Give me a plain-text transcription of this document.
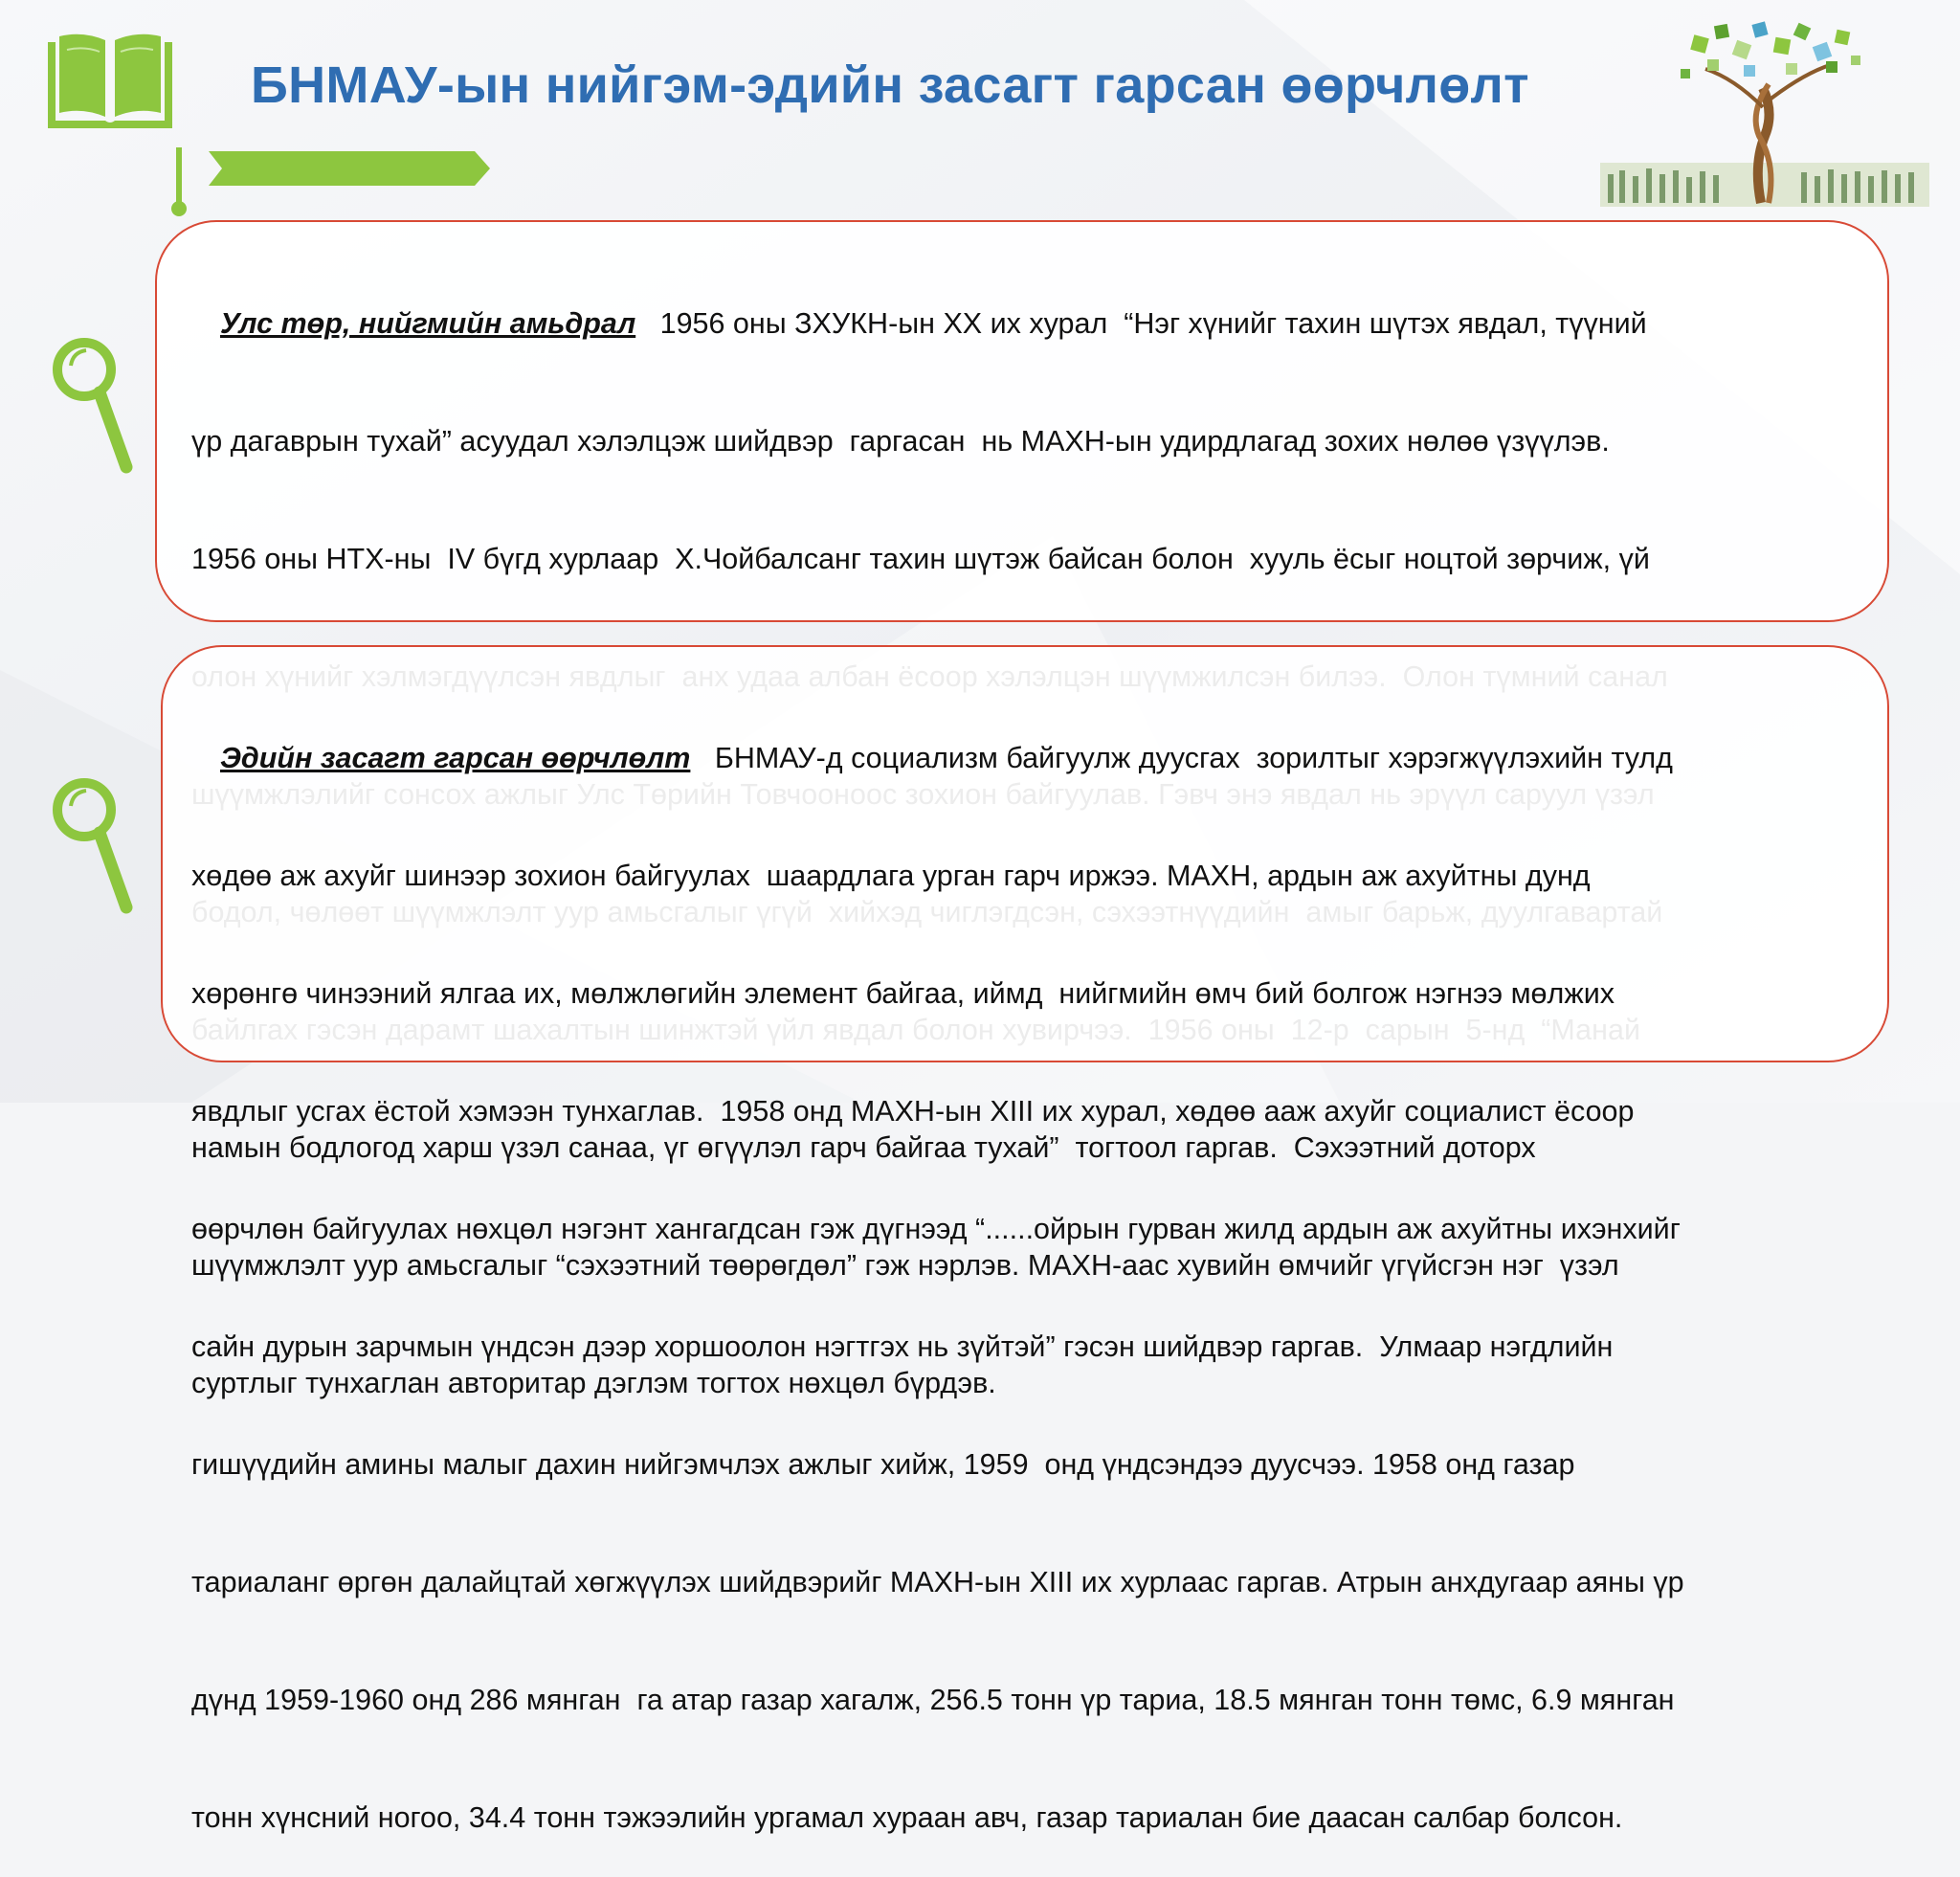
БНМАУ-ын нийгэм-эдийн засагт гарсан өөрчлөлт

Улс төр, нийгмийн амьдрал   1956 оны ЗХУКН-ын ХХ их хурал  “Нэг хүнийг тахин шүтэх явдал, түүний

үр дагаврын тухай” асуудал хэлэлцэж шийдвэр  гаргасан  нь МАХН-ын удирдлагад зохих нөлөө үзүүлэв.

1956 оны НТХ-ны  IV бүгд хурлаар  Х.Чойбалсанг тахин шүтэж байсан болон  хууль ёсыг ноцтой зөрчиж, үй

намын бодлогод харш үзэл санаа, үг өгүүлэл гарч байгаа тухай”  тогтоол гаргав.  Сэхээтний доторх

шүүмжлэлт уур амьсгалыг “сэхээтний төөрөгдөл” гэж нэрлэв. МАХН-аас хувийн өмчийг үгүйсгэн нэг  үзэл

суртлыг тунхаглан авторитар дэглэм тогтох нөхцөл бүрдэв.

Эдийн засагт гарсан өөрчлөлт   БНМАУ-д социализм байгуулж дуусгах  зорилтыг хэрэгжүүлэхийн тулд

хөдөө аж ахуйг шинээр зохион байгуулах  шаардлага урган гарч иржээ. МАХН, ардын аж ахуйтны дунд

хөрөнгө чинээний ялгаа их, мөлжлөгийн элемент байгаа, иймд  нийгмийн өмч бий болгож нэгнээ мөлжих

явдлыг усгах ёстой хэмээн тунхаглав.  1958 онд МАХН-ын XIII их хурал, хөдөө аaж ахуйг социалист ёсоор

өөрчлөн байгуулах нөхцөл нэгэнт хангагдсан гэж дүгнээд “......ойрын гурван жилд ардын аж ахуйтны ихэнхийг

сайн дурын зарчмын үндсэн дээр хоршоолон нэгтгэх нь зүйтэй” гэсэн шийдвэр гаргав.  Улмаар нэгдлийн

гишүүдийн амины малыг дахин нийгэмчлэх ажлыг хийж, 1959  онд үндсэндээ дуусчээ. 1958 онд газар

тариаланг өргөн далайцтай хөгжүүлэх шийдвэрийг МАХН-ын XIII их хурлаас гаргав. Атрын анхдугаар аяны үр

дүнд 1959-1960 онд 286 мянган  га атар газар хагалж, 256.5 тонн үр тариа, 18.5 мянган тонн төмс, 6.9 мянган

тонн хүнсний ногоо, 34.4 тонн тэжээлийн ургамал хураан авч, газар тариалан бие даасан салбар болсон.
